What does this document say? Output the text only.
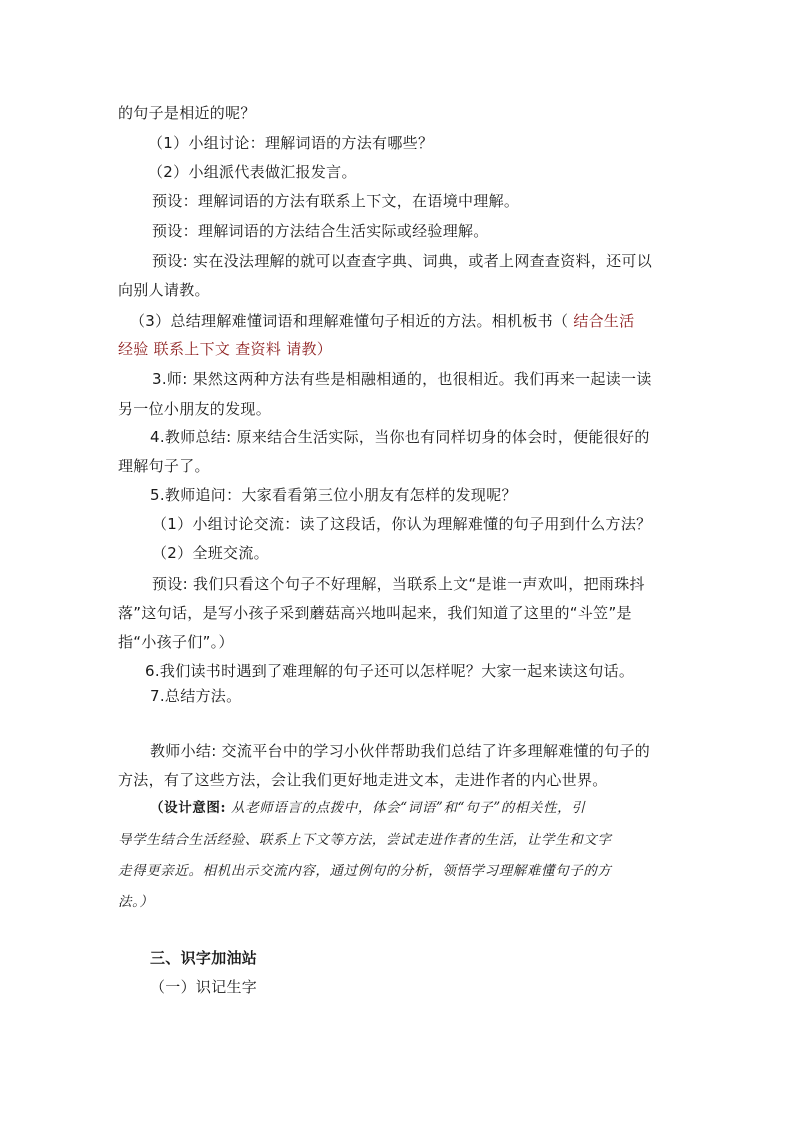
的句子是相近的呢？
（1）小组讨论：理解词语的方法有哪些？
（2）小组派代表做汇报发言。
预设：理解词语的方法有联系上下文，在语境中理解。
预设：理解词语的方法结合生活实际或经验理解。
预设: 实在没法理解的就可以查查字典、词典，或者上网查查资料，还可以
向别人请教。
（3）总结理解难懂词语和理解难懂句子相近的方法。相机板书（ 结合生活
经验 联系上下文 查资料 请教）
3.师: 果然这两种方法有些是相融相通的，也很相近。我们再来一起读一读
另一位小朋友的发现。
4.教师总结: 原来结合生活实际，当你也有同样切身的体会时，便能很好的
理解句子了。
5.教师追问：大家看看第三位小朋友有怎样的发现呢？
（1）小组讨论交流：读了这段话，你认为理解难懂的句子用到什么方法？
（2）全班交流。
预设: 我们只看这个句子不好理解，当联系上文“是谁一声欢叫，把雨珠抖
落”这句话，是写小孩子采到蘑菇高兴地叫起来，我们知道了这里的“斗笠”是
指“小孩子们”。）
6.我们读书时遇到了难理解的句子还可以怎样呢？大家一起来读这句话。
7.总结方法。
教师小结: 交流平台中的学习小伙伴帮助我们总结了许多理解难懂的句子的
方法，有了这些方法，会让我们更好地走进文本，走进作者的内心世界。
（设计意图: 从老师语言的点拨中，体会“词语”和“句子”的相关性，引
导学生结合生活经验、联系上下文等方法，尝试走进作者的生活，让学生和文字
走得更亲近。相机出示交流内容，通过例句的分析，领悟学习理解难懂句子的方
法。）
三、识字加油站
（一）识记生字
